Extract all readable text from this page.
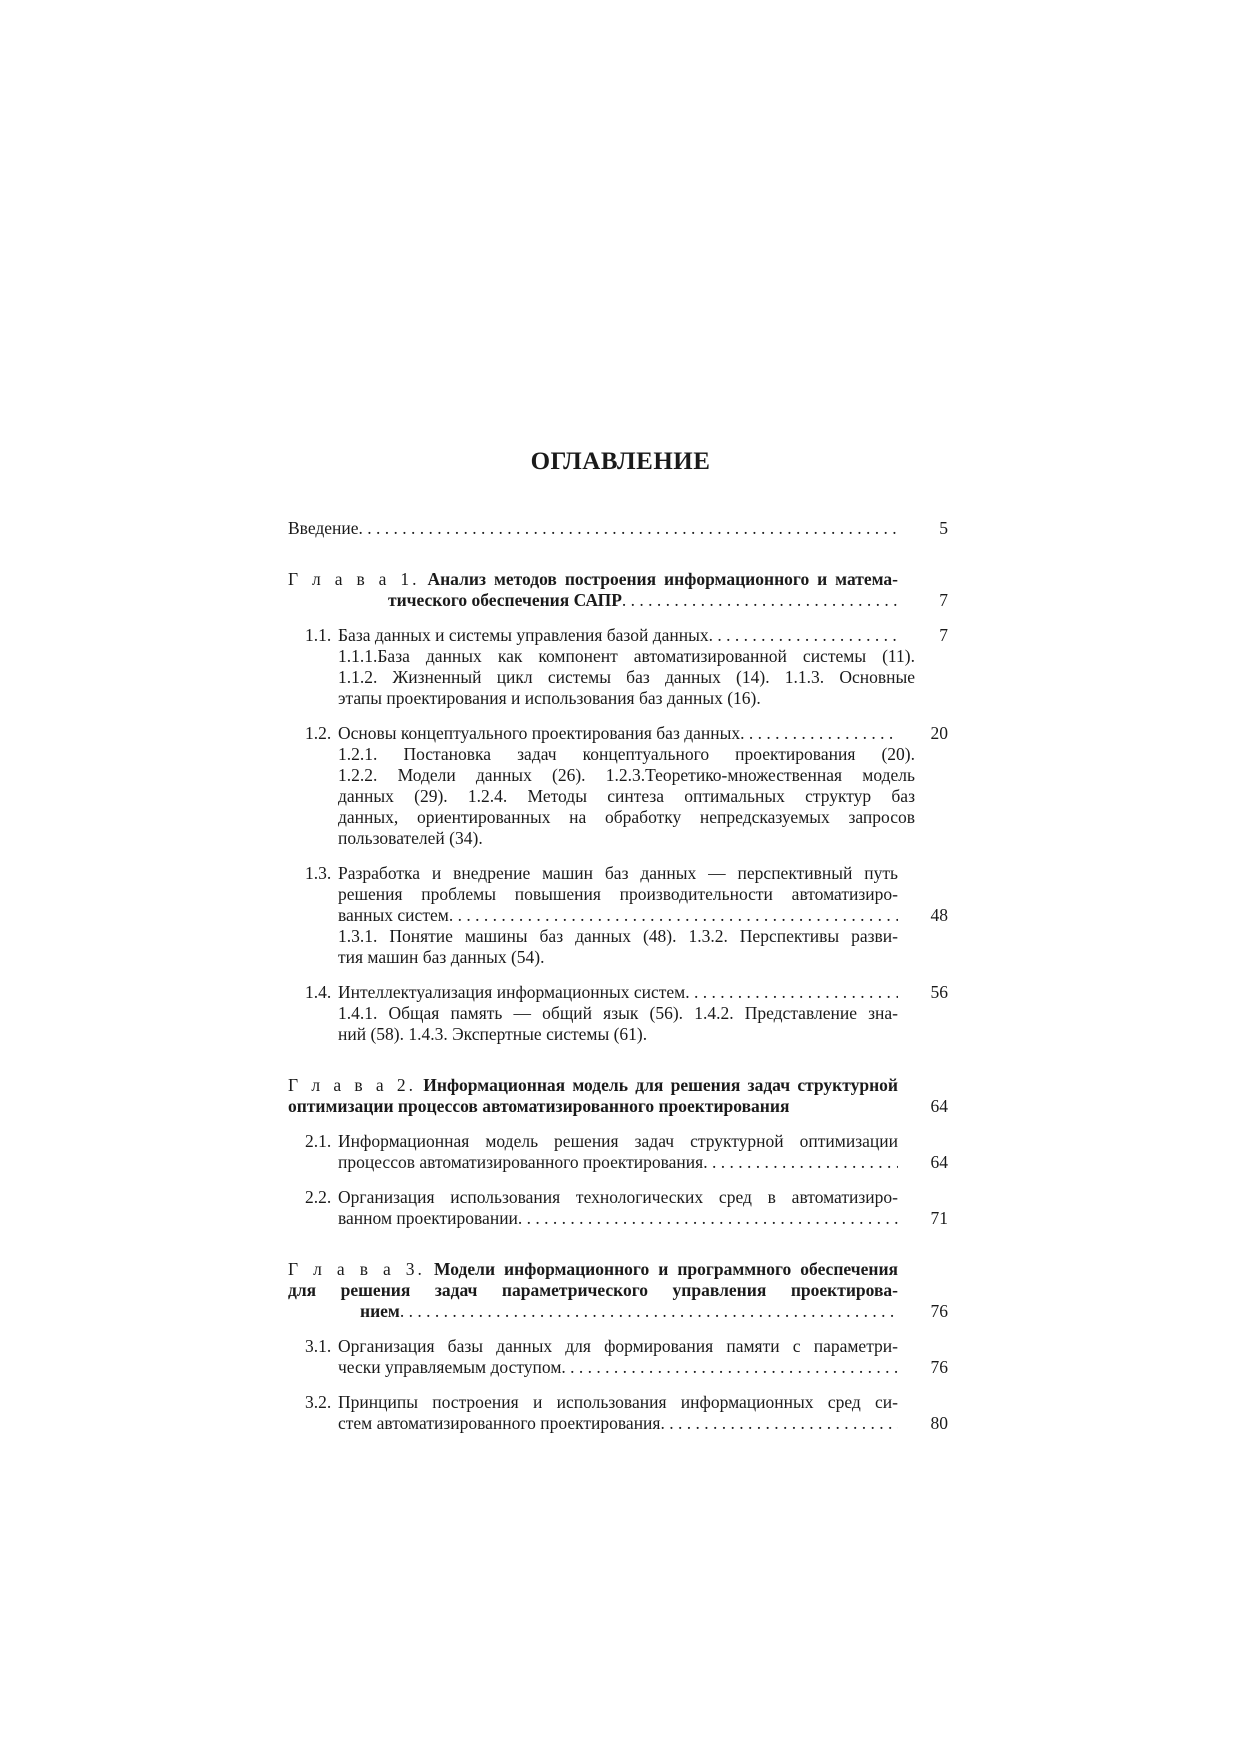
ОГЛАВЛЕНИЕ
Введение . . .	5
Г л а в а 1. Анализ методов построения информационного и матема-
тического обеспечения САПР . . .	7
1.1. База данных и системы управления базой данных . . .	7
1.1.1.База данных как компонент автоматизированной системы (11).
1.1.2. Жизненный цикл системы баз данных (14). 1.1.3. Основные
этапы проектирования и использования баз данных (16).
1.2. Основы концептуального проектирования баз данных . . .	20
1.2.1. Постановка задач концептуального проектирования (20).
1.2.2. Модели данных (26). 1.2.3.Теоретико-множественная модель
данных (29). 1.2.4. Методы синтеза оптимальных структур баз
данных, ориентированных на обработку непредсказуемых запросов
пользователей (34).
1.3. Разработка и внедрение машин баз данных — перспективный путь
решения проблемы повышения производительности автоматизиро-
ванных систем . . .	48
1.3.1. Понятие машины баз данных (48). 1.3.2. Перспективы разви-
тия машин баз данных (54).
1.4. Интеллектуализация информационных систем . . .	56
1.4.1. Общая память — общий язык (56). 1.4.2. Представление зна-
ний (58). 1.4.3. Экспертные системы (61).
Г л а в а 2. Информационная модель для решения задач структурной
оптимизации процессов автоматизированного проектирования	64
2.1. Информационная модель решения задач структурной оптимизации
процессов автоматизированного проектирования . . .	64
2.2. Организация использования технологических сред в автоматизиро-
ванном проектировании . . .	71
Г л а в а 3. Модели информационного и программного обеспечения
для решения задач параметрического управления проектирова-
нием . . .	76
3.1. Организация базы данных для формирования памяти с параметри-
чески управляемым доступом . . .	76
3.2. Принципы построения и использования информационных сред си-
стем автоматизированного проектирования . . .	80
